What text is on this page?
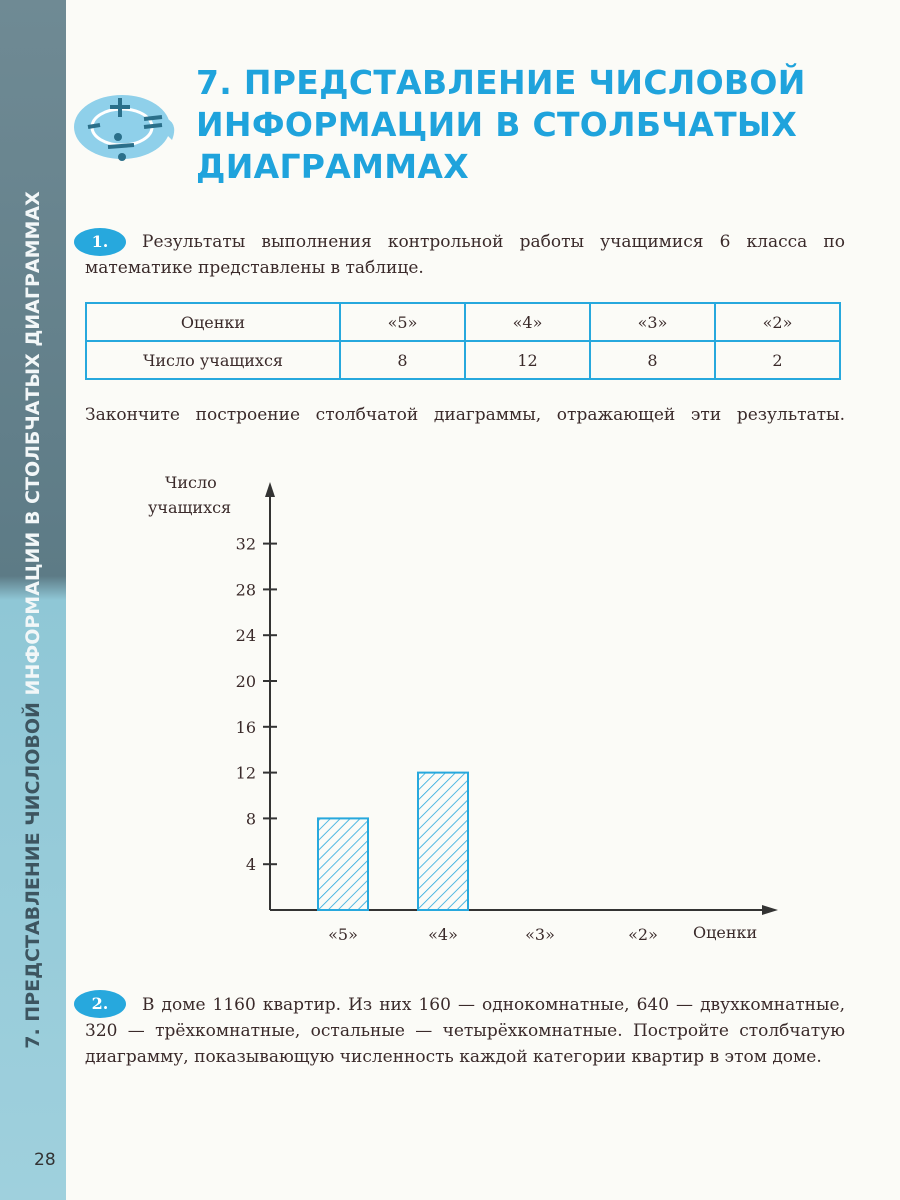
7. ПРЕДСТАВЛЕНИЕ ЧИСЛОВОЙ ИНФОРМАЦИИ В СТОЛБЧАТЫХ ДИАГРАММАХ
28
7. ПРЕДСТАВЛЕНИЕ ЧИСЛОВОЙ
ИНФОРМАЦИИ В СТОЛБЧАТЫХ
ДИАГРАММАХ
1.	Результаты выполнения контрольной работы учащимися 6 класса по математике представлены в таблице.
Оценки	«5»	«4»	«3»	«2»
Число учащихся	8	12	8	2
Закончите построение столбчатой диаграммы, отражающей эти результаты.
Число
учащихся
Оценки
4
8
12
16
20
24
28
32
«5»	«4»	«3»	«2»
2.	В доме 1160 квартир. Из них 160 — однокомнатные, 640 — двухкомнатные, 320 — трёхкомнатные, остальные — четырёхкомнатные. Постройте столбчатую диаграмму, показывающую численность каждой категории квартир в этом доме.
